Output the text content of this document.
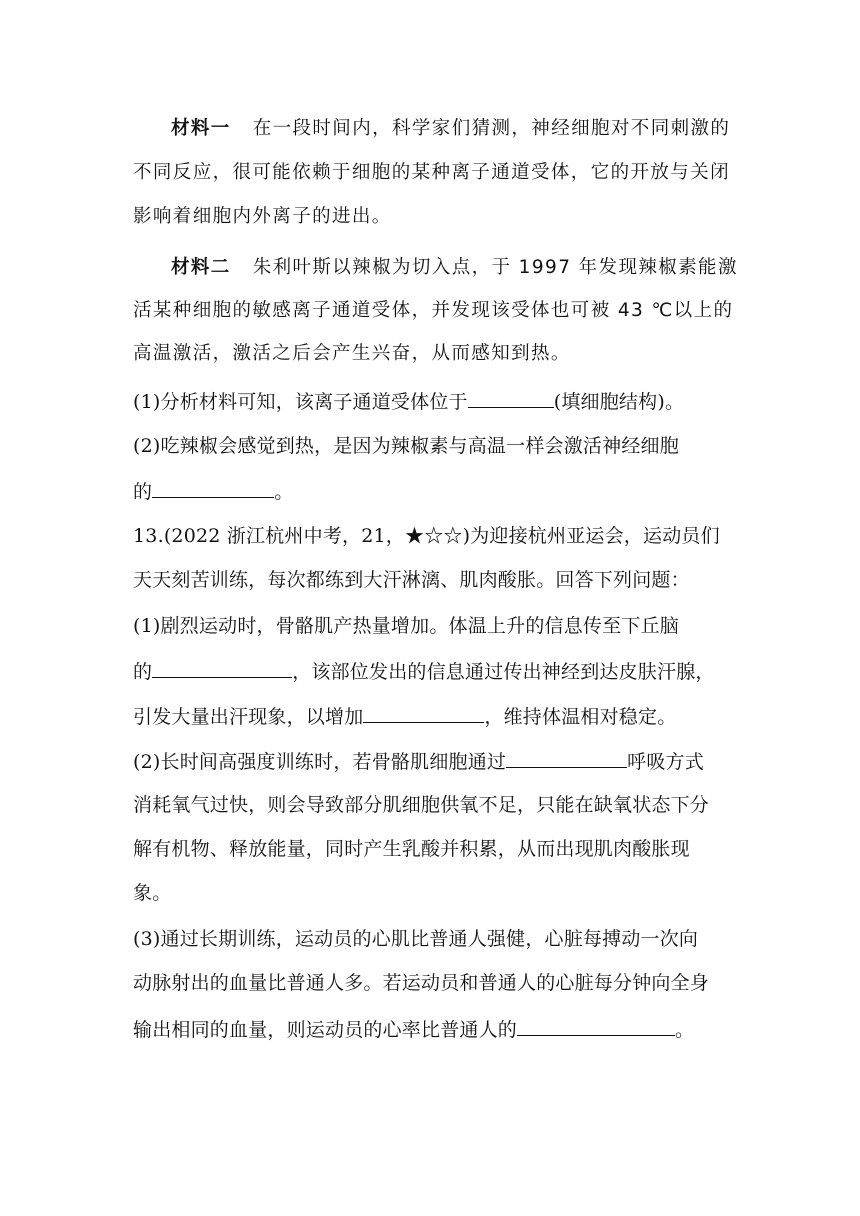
材料一 在一段时间内，科学家们猜测，神经细胞对不同刺激的
不同反应，很可能依赖于细胞的某种离子通道受体，它的开放与关闭
影响着细胞内外离子的进出。
材料二 朱利叶斯以辣椒为切入点，于 1997 年发现辣椒素能激
活某种细胞的敏感离子通道受体，并发现该受体也可被 43 ℃以上的
高温激活，激活之后会产生兴奋，从而感知到热。
(1)分析材料可知，该离子通道受体位于	(填细胞结构)。
(2)吃辣椒会感觉到热，是因为辣椒素与高温一样会激活神经细胞
的	。
13.(2022 浙江杭州中考，21，★☆☆)为迎接杭州亚运会，运动员们
天天刻苦训练，每次都练到大汗淋漓、肌肉酸胀。回答下列问题：
(1)剧烈运动时，骨骼肌产热量增加。体温上升的信息传至下丘脑
的	，该部位发出的信息通过传出神经到达皮肤汗腺，
引发大量出汗现象，以增加	，维持体温相对稳定。
(2)长时间高强度训练时，若骨骼肌细胞通过	呼吸方式
消耗氧气过快，则会导致部分肌细胞供氧不足，只能在缺氧状态下分
解有机物、释放能量，同时产生乳酸并积累，从而出现肌肉酸胀现
象。
(3)通过长期训练，运动员的心肌比普通人强健，心脏每搏动一次向
动脉射出的血量比普通人多。若运动员和普通人的心脏每分钟向全身
输出相同的血量，则运动员的心率比普通人的	。
